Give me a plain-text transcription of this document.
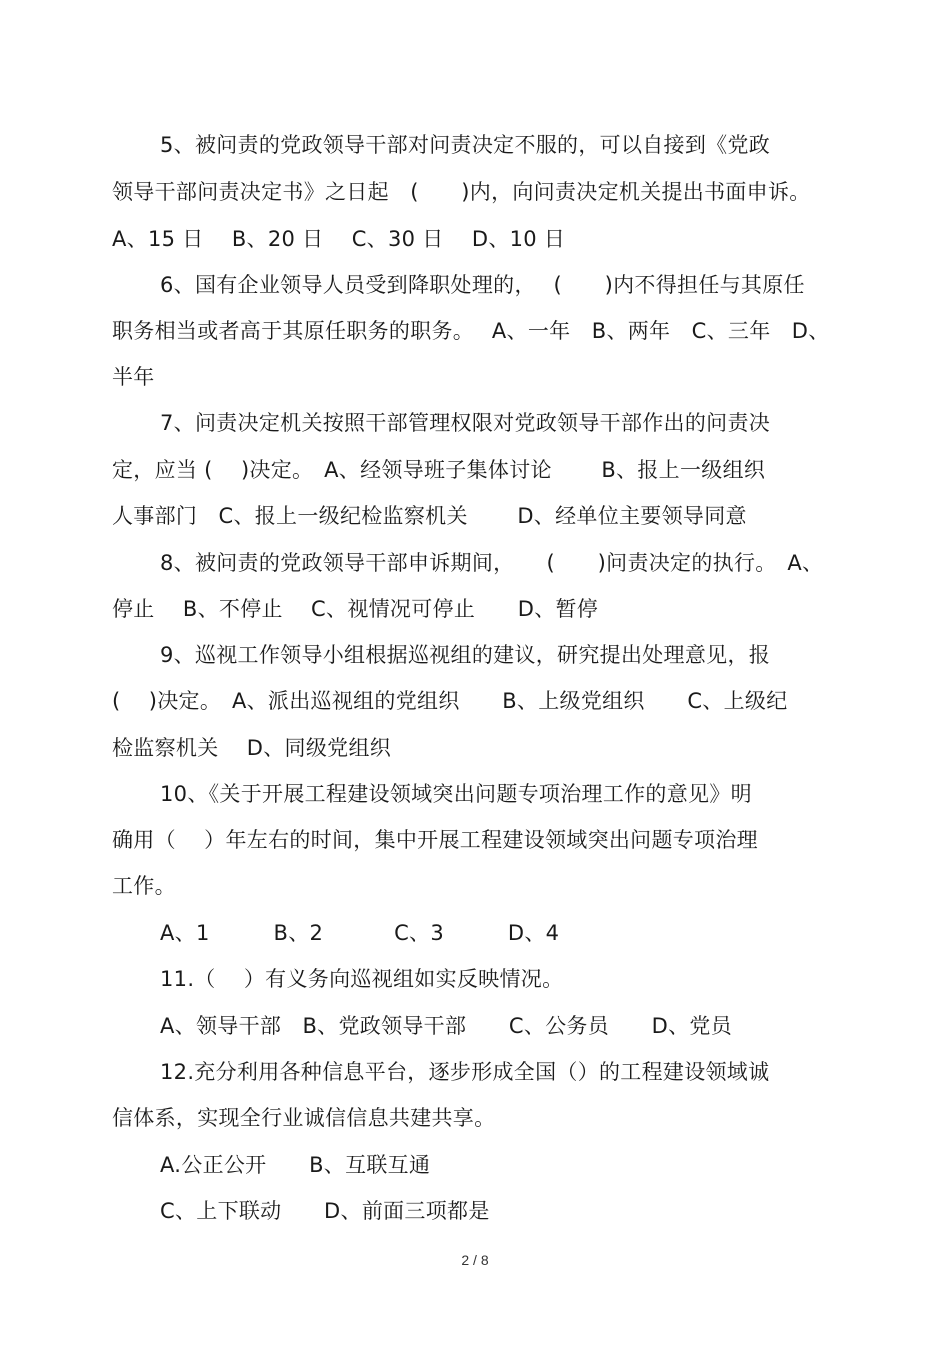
5、被问责的党政领导干部对问责决定不服的，可以自接到《党政
领导干部问责决定书》之日起　(　　)内，向问责决定机关提出书面申诉。
A、15 日　 B、20 日　 C、30 日　 D、10 日
6、国有企业领导人员受到降职处理的，　 (　　)内不得担任与其原任
职务相当或者高于其原任职务的职务。　 A、一年　B、两年　C、三年　D、
半年
7、问责决定机关按照干部管理权限对党政领导干部作出的问责决
定，应当 (　 )决定。　A、经领导班子集体讨论　　 B、报上一级组织
人事部门　C、报上一级纪检监察机关　　 D、经单位主要领导同意
8、被问责的党政领导干部申诉期间，　　(　　)问责决定的执行。　A、
停止　 B、不停止　 C、视情况可停止　　D、暂停
9、巡视工作领导小组根据巡视组的建议，研究提出处理意见，报
(　 )决定。　A、派出巡视组的党组织　　B、上级党组织　　C、上级纪
检监察机关　 D、同级党组织
10、《关于开展工程建设领域突出问题专项治理工作的意见》明
确用（　 ）年左右的时间，集中开展工程建设领域突出问题专项治理
工作。
A、1　　　B、2　　　 C、3　　　D、4
11.（　 ）有义务向巡视组如实反映情况。
A、领导干部　B、党政领导干部　　C、公务员　　D、党员
12.充分利用各种信息平台，逐步形成全国（）的工程建设领域诚
信体系，实现全行业诚信信息共建共享。
A.公正公开　　B、互联互通
C、上下联动　　D、前面三项都是
2 / 8
